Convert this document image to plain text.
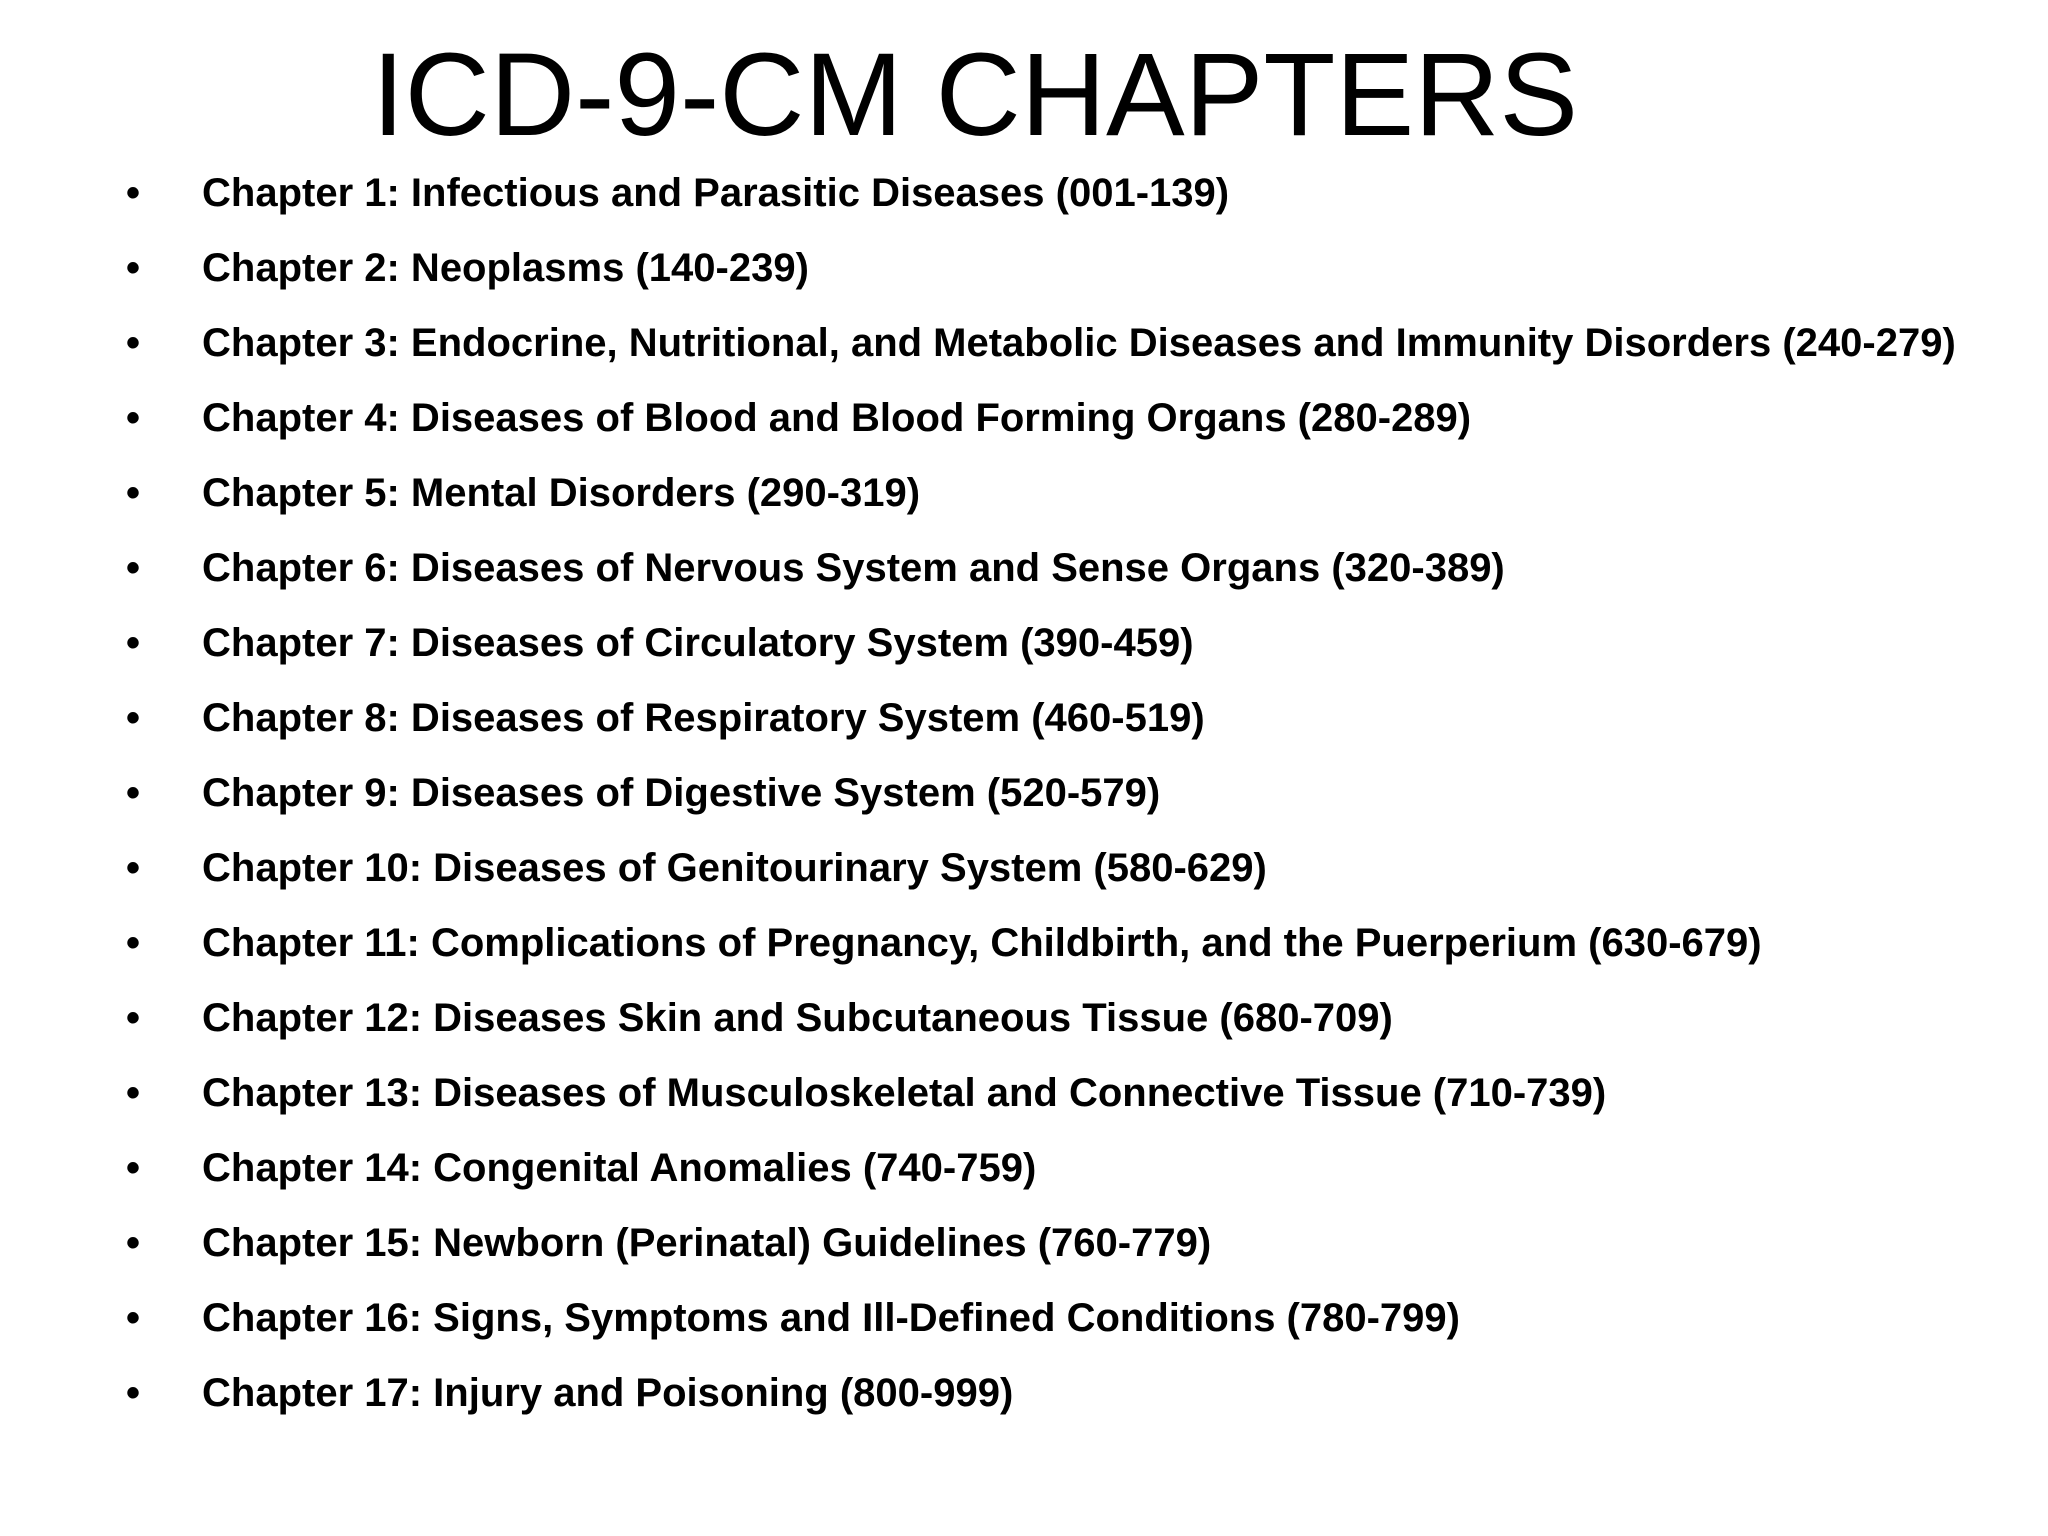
ICD-9-CM CHAPTERS
•	Chapter 1: Infectious and Parasitic Diseases (001-139)
•	Chapter 2: Neoplasms (140-239)
•	Chapter 3: Endocrine, Nutritional, and Metabolic Diseases and Immunity Disorders (240-279)
•	Chapter 4: Diseases of Blood and Blood Forming Organs (280-289)
•	Chapter 5: Mental Disorders (290-319)
•	Chapter 6: Diseases of Nervous System and Sense Organs (320-389)
•	Chapter 7: Diseases of Circulatory System (390-459)
•	Chapter 8: Diseases of Respiratory System (460-519)
•	Chapter 9: Diseases of Digestive System (520-579)
•	Chapter 10: Diseases of Genitourinary System (580-629)
•	Chapter 11: Complications of Pregnancy, Childbirth, and the Puerperium (630-679)
•	Chapter 12: Diseases Skin and Subcutaneous Tissue (680-709)
•	Chapter 13: Diseases of Musculoskeletal and Connective Tissue (710-739)
•	Chapter 14: Congenital Anomalies (740-759)
•	Chapter 15: Newborn (Perinatal) Guidelines (760-779)
•	Chapter 16: Signs, Symptoms and Ill-Defined Conditions (780-799)
•	Chapter 17: Injury and Poisoning (800-999)
